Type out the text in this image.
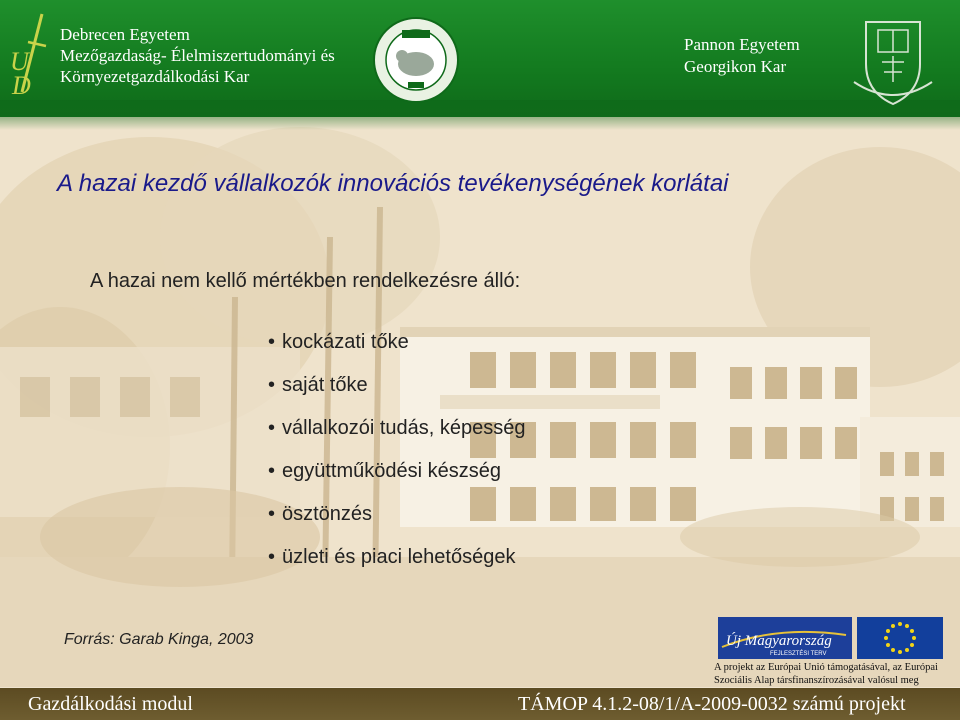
U
D
Debrecen Egyetem
Mezőgazdaság- Élelmiszertudományi és
Környezetgazdálkodási Kar
Pannon Egyetem
Georgikon Kar
A hazai kezdő vállalkozók innovációs tevékenységének korlátai
A hazai nem kellő mértékben rendelkezésre álló:
• kockázati tőke
• saját tőke
• vállalkozói tudás, képesség
• együttműködési készség
• ösztönzés
• üzleti és piaci lehetőségek
Forrás: Garab Kinga, 2003	Új Magyarország
FEJLESZTÉSI TERV
A projekt az Európai Unió támogatásával, az Európai
Szociális Alap társfinanszírozásával valósul meg
Gazdálkodási modul	TÁMOP 4.1.2-08/1/A-2009-0032 számú projekt
